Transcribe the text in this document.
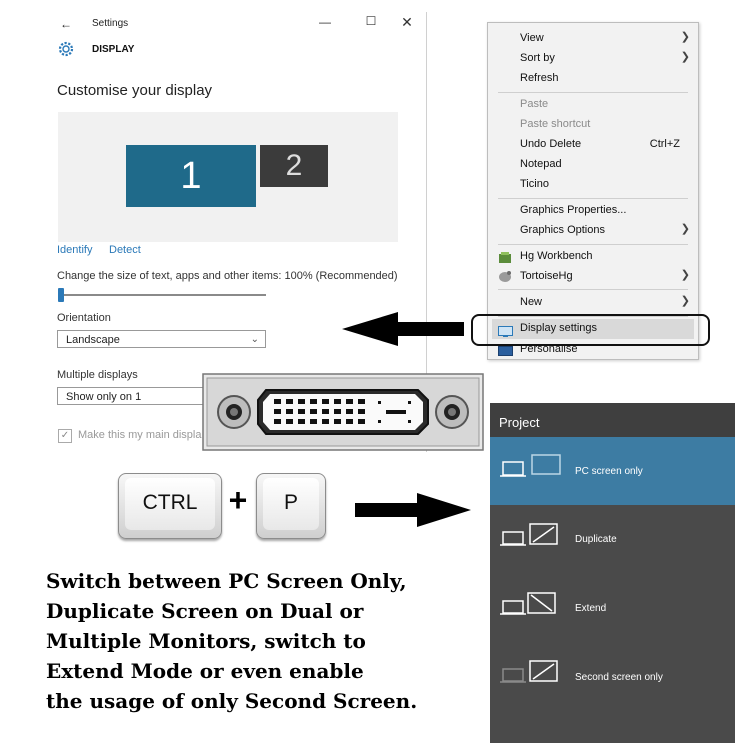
← Settings	—	☐	✕
DISPLAY
Customise your display
1	2
Identify Detect
Change the size of text, apps and other items: 100% (Recommended)
Orientation
Landscape	⌄
Multiple displays
Show only on 1
✓ Make this my main displa
View	❯
Sort by	❯
Refresh
Paste
Paste shortcut
Undo Delete	Ctrl+Z
Notepad
Ticino
Graphics Properties...
Graphics Options	❯
Hg Workbench
TortoiseHg	❯
New	❯
Display settings
Personalise
CTRL +	P
Project
PC screen only
Duplicate
Extend
Second screen only
Switch between PC Screen Only,
Duplicate Screen on Dual or
Multiple Monitors, switch to
Extend Mode or even enable
the usage of only Second Screen.
